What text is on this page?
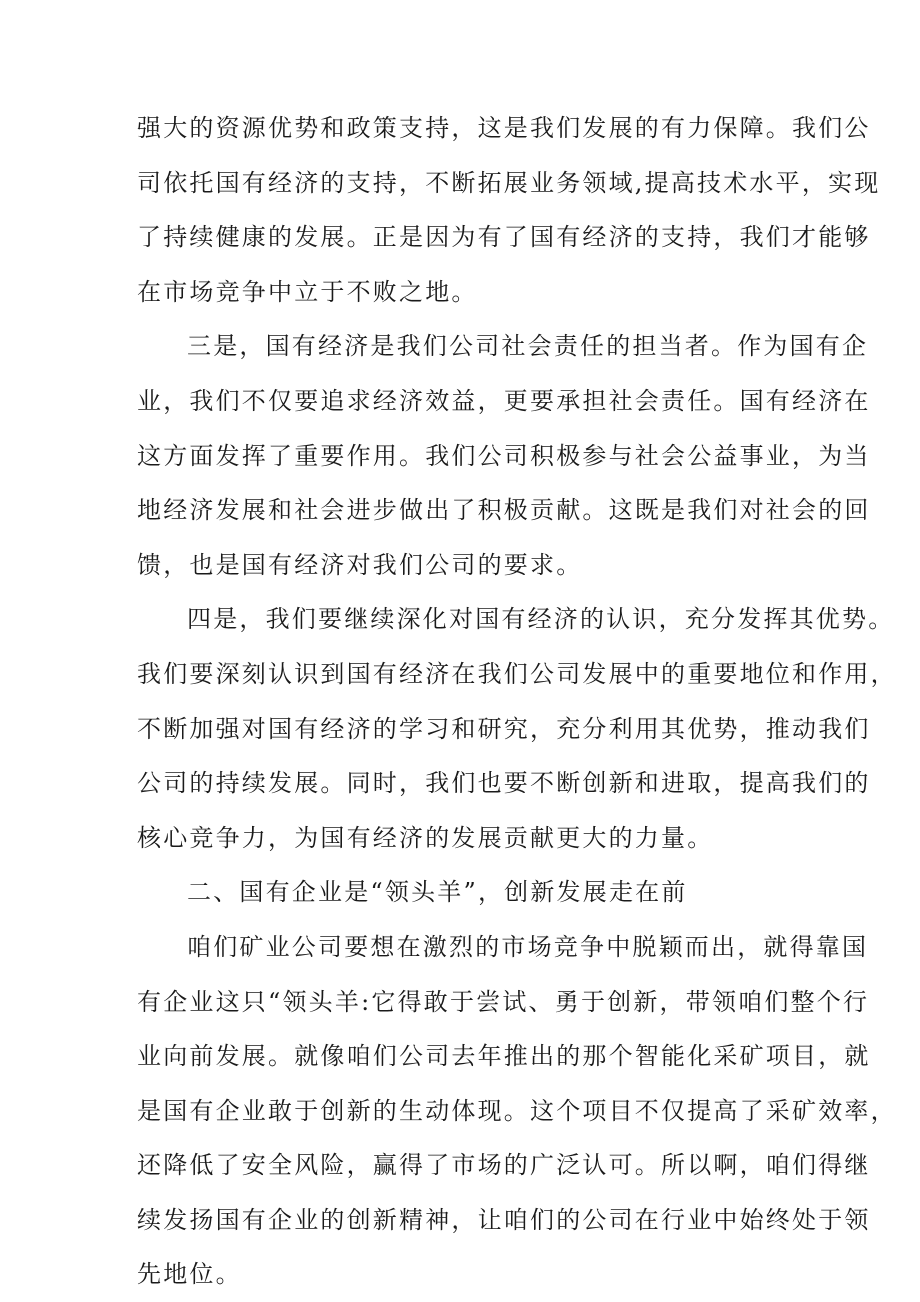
强大的资源优势和政策支持，这是我们发展的有力保障。我们公
司依托国有经济的支持，不断拓展业务领域,提高技术水平，实现
了持续健康的发展。正是因为有了国有经济的支持，我们才能够
在市场竞争中立于不败之地。
三是，国有经济是我们公司社会责任的担当者。作为国有企
业，我们不仅要追求经济效益，更要承担社会责任。国有经济在
这方面发挥了重要作用。我们公司积极参与社会公益事业，为当
地经济发展和社会进步做出了积极贡献。这既是我们对社会的回
馈，也是国有经济对我们公司的要求。
四是，我们要继续深化对国有经济的认识，充分发挥其优势。
我们要深刻认识到国有经济在我们公司发展中的重要地位和作用，
不断加强对国有经济的学习和研究，充分利用其优势，推动我们
公司的持续发展。同时，我们也要不断创新和进取，提高我们的
核心竞争力，为国有经济的发展贡献更大的力量。
二、国有企业是“领头羊”，创新发展走在前
咱们矿业公司要想在激烈的市场竞争中脱颖而出，就得靠国
有企业这只“领头羊:它得敢于尝试、勇于创新，带领咱们整个行
业向前发展。就像咱们公司去年推出的那个智能化采矿项目，就
是国有企业敢于创新的生动体现。这个项目不仅提高了采矿效率，
还降低了安全风险，赢得了市场的广泛认可。所以啊，咱们得继
续发扬国有企业的创新精神，让咱们的公司在行业中始终处于领
先地位。
